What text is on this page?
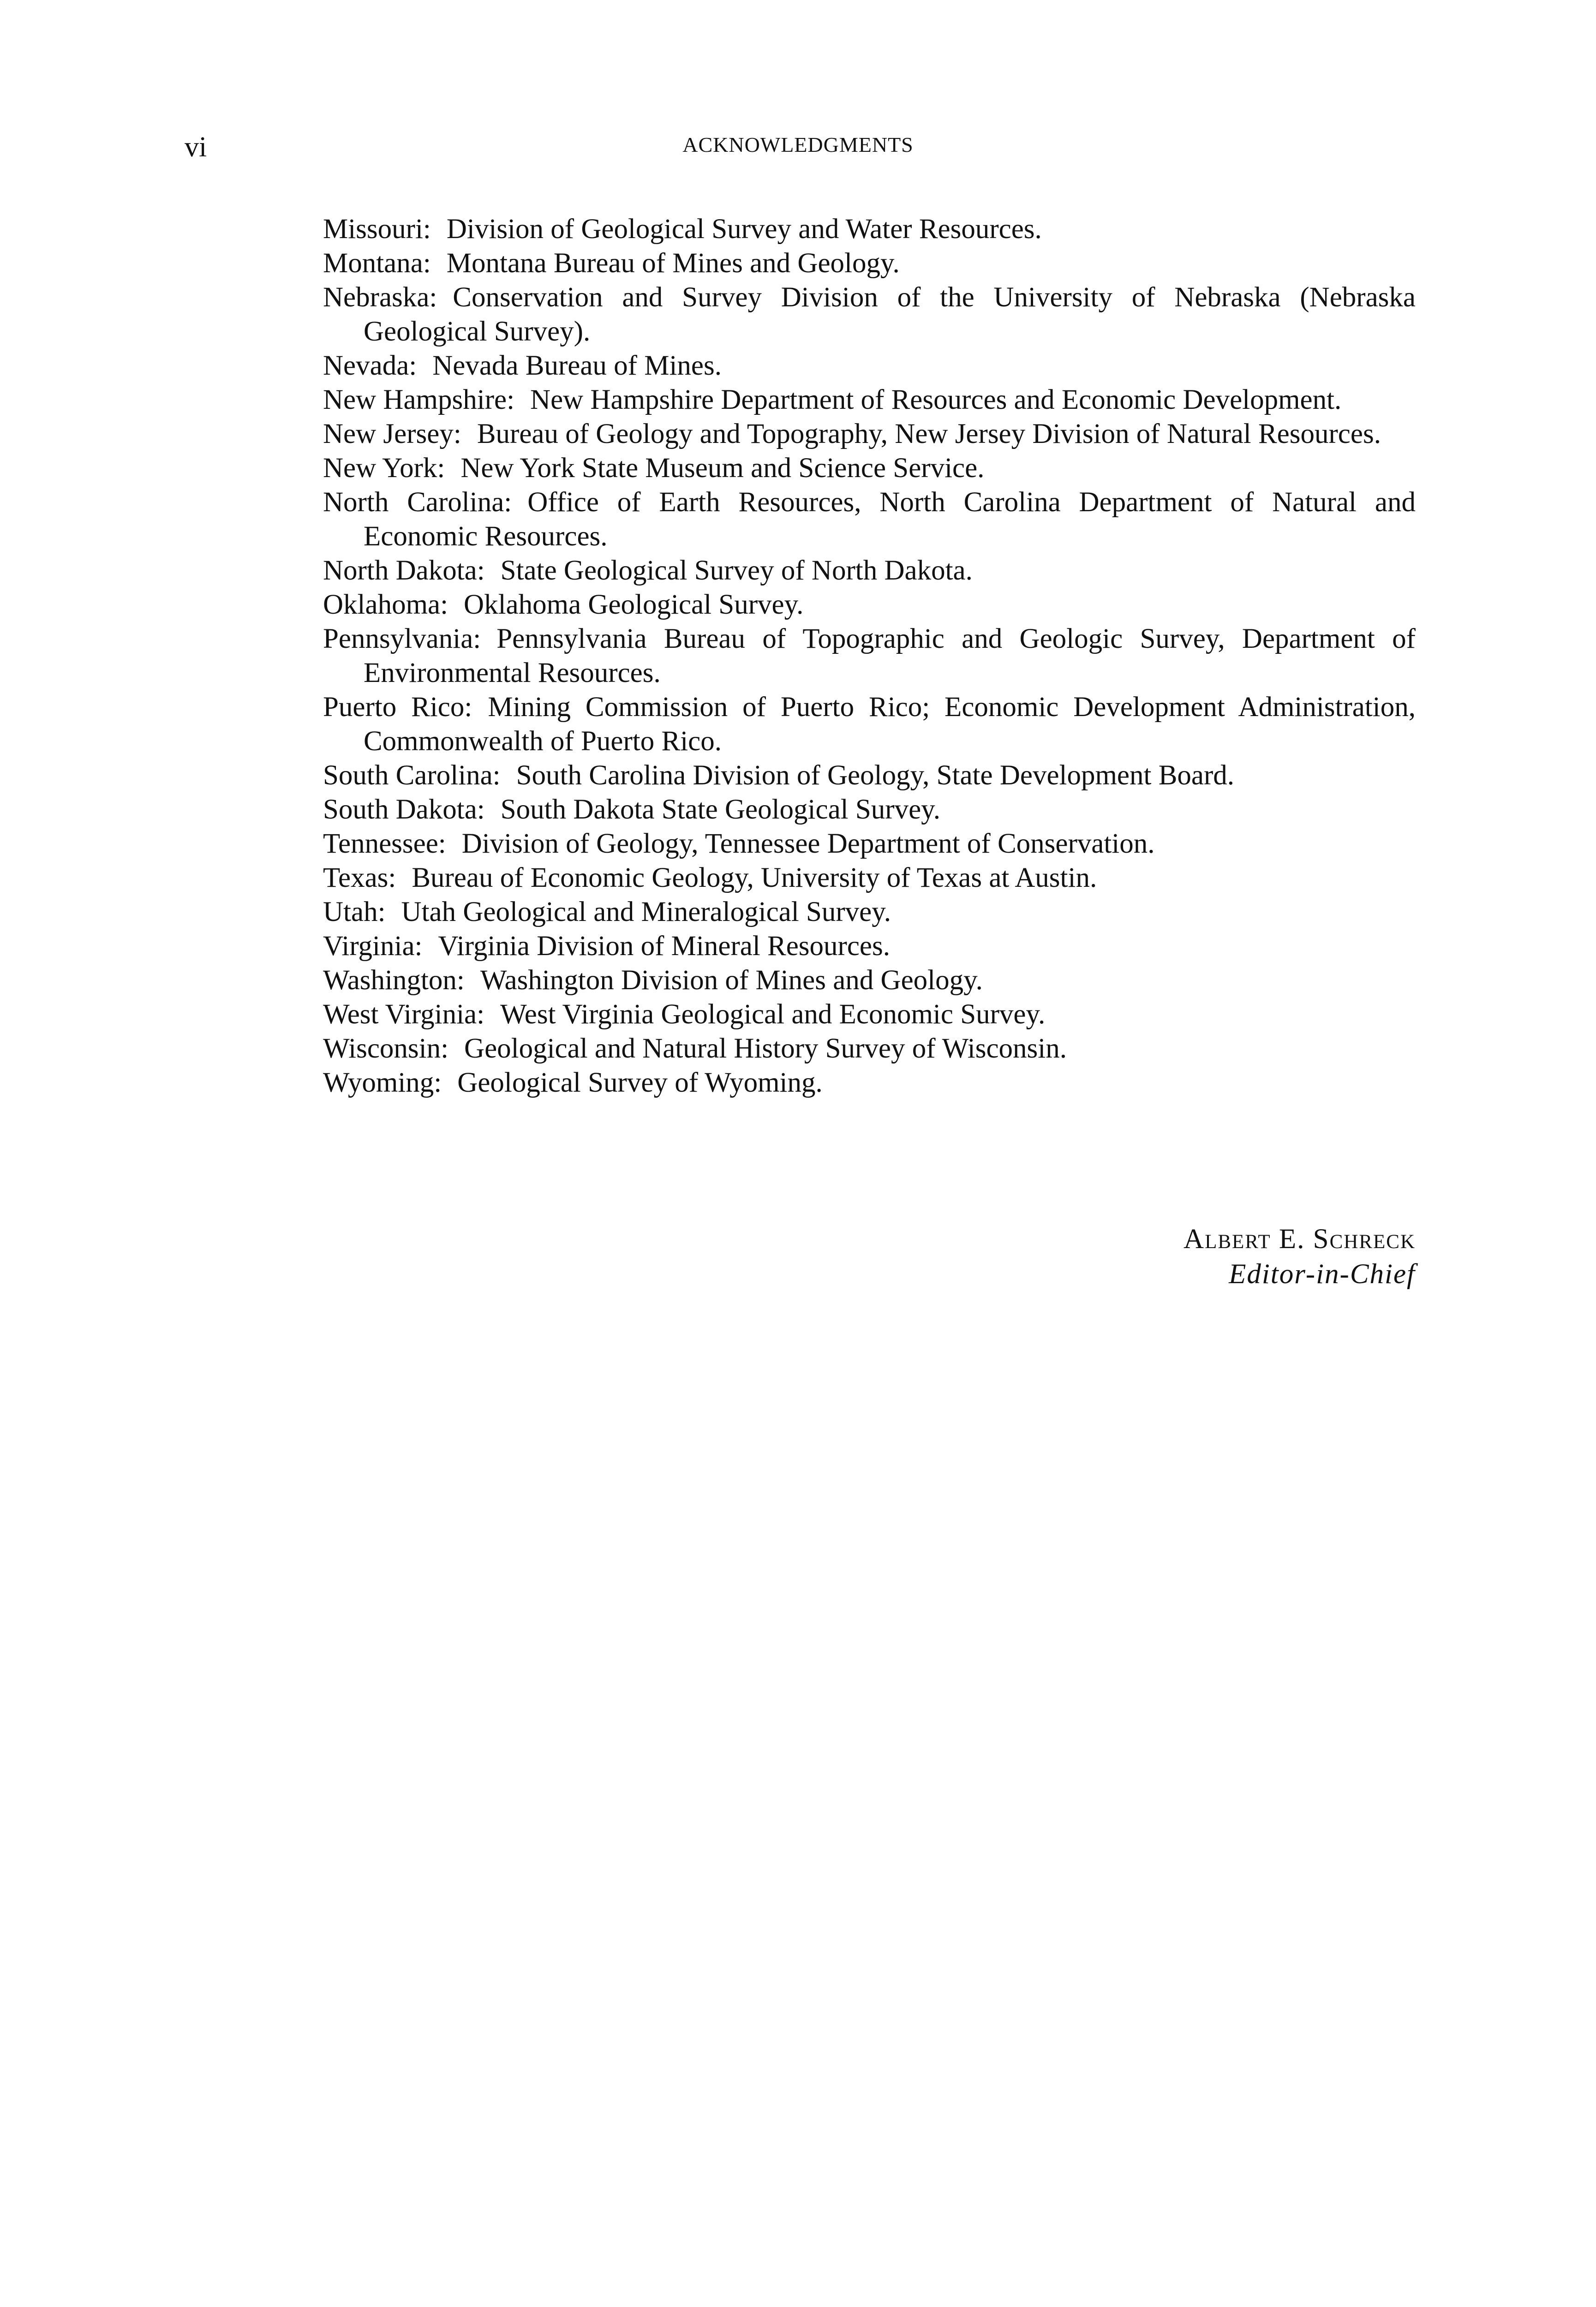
vi	ACKNOWLEDGMENTS
Missouri: Division of Geological Survey and Water Resources.
Montana: Montana Bureau of Mines and Geology.
Nebraska: Conservation and Survey Division of the University of Nebraska (Nebraska Geological Survey).
Nevada: Nevada Bureau of Mines.
New Hampshire: New Hampshire Department of Resources and Economic Development.
New Jersey: Bureau of Geology and Topography, New Jersey Division of Natural Resources.
New York: New York State Museum and Science Service.
North Carolina: Office of Earth Resources, North Carolina Department of Natural and Economic Resources.
North Dakota: State Geological Survey of North Dakota.
Oklahoma: Oklahoma Geological Survey.
Pennsylvania: Pennsylvania Bureau of Topographic and Geologic Survey, Department of Environmental Resources.
Puerto Rico: Mining Commission of Puerto Rico; Economic Development Administration, Commonwealth of Puerto Rico.
South Carolina: South Carolina Division of Geology, State Development Board.
South Dakota: South Dakota State Geological Survey.
Tennessee: Division of Geology, Tennessee Department of Conservation.
Texas: Bureau of Economic Geology, University of Texas at Austin.
Utah: Utah Geological and Mineralogical Survey.
Virginia: Virginia Division of Mineral Resources.
Washington: Washington Division of Mines and Geology.
West Virginia: West Virginia Geological and Economic Survey.
Wisconsin: Geological and Natural History Survey of Wisconsin.
Wyoming: Geological Survey of Wyoming.
Albert E. Schreck
Editor-in-Chief
